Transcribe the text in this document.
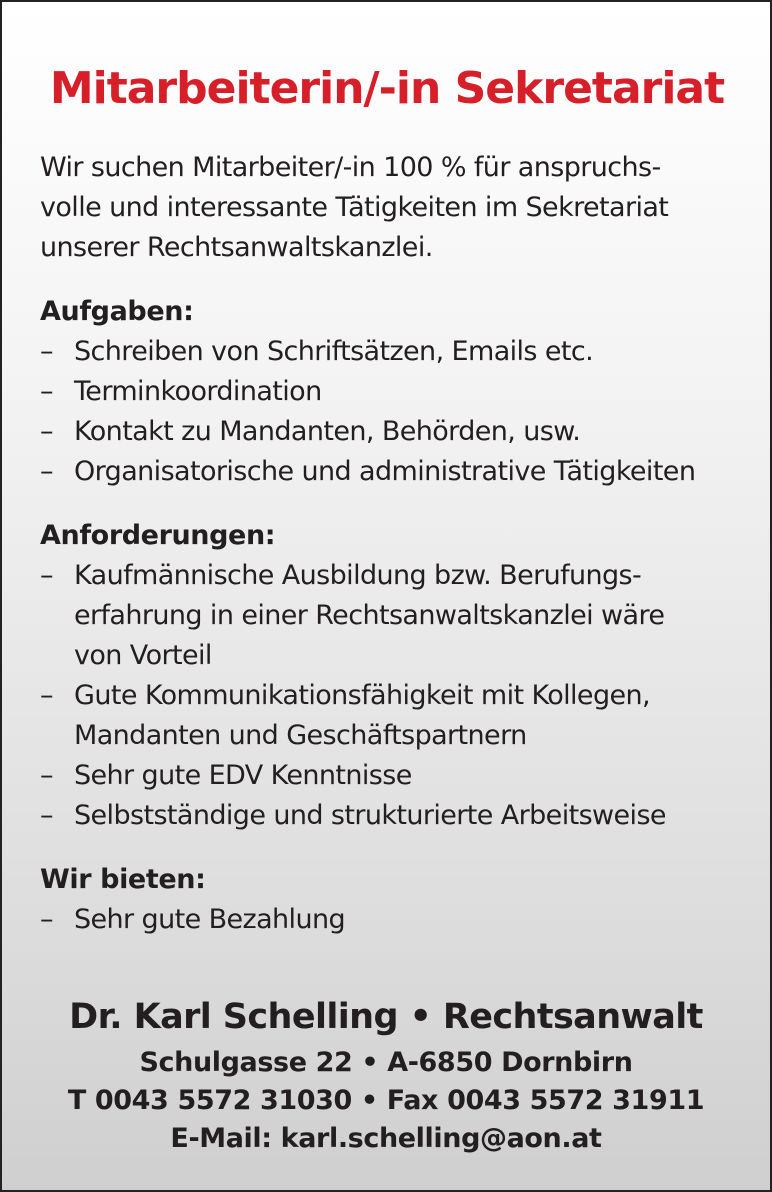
Mitarbeiterin/-in Sekretariat

Wir suchen Mitarbeiter/-in 100 % für anspruchs-
volle und interessante Tätigkeiten im Sekretariat
unserer Rechtsanwaltskanzlei.

Aufgaben:
– Schreiben von Schriftsätzen, Emails etc.
– Terminkoordination
– Kontakt zu Mandanten, Behörden, usw.
– Organisatorische und administrative Tätigkeiten
Anforderungen:
– Kaufmännische Ausbildung bzw. Berufungs-
erfahrung in einer Rechtsanwaltskanzlei wäre
von Vorteil
– Gute Kommunikationsfähigkeit mit Kollegen,
Mandanten und Geschäftspartnern
– Sehr gute EDV Kenntnisse
– Selbstständige und strukturierte Arbeitsweise
Wir bieten:
– Sehr gute Bezahlung
Dr. Karl Schelling • Rechtsanwalt
Schulgasse 22 • A-6850 Dornbirn
T 0043 5572 31030 • Fax 0043 5572 31911
E-Mail: karl.schelling@aon.at
